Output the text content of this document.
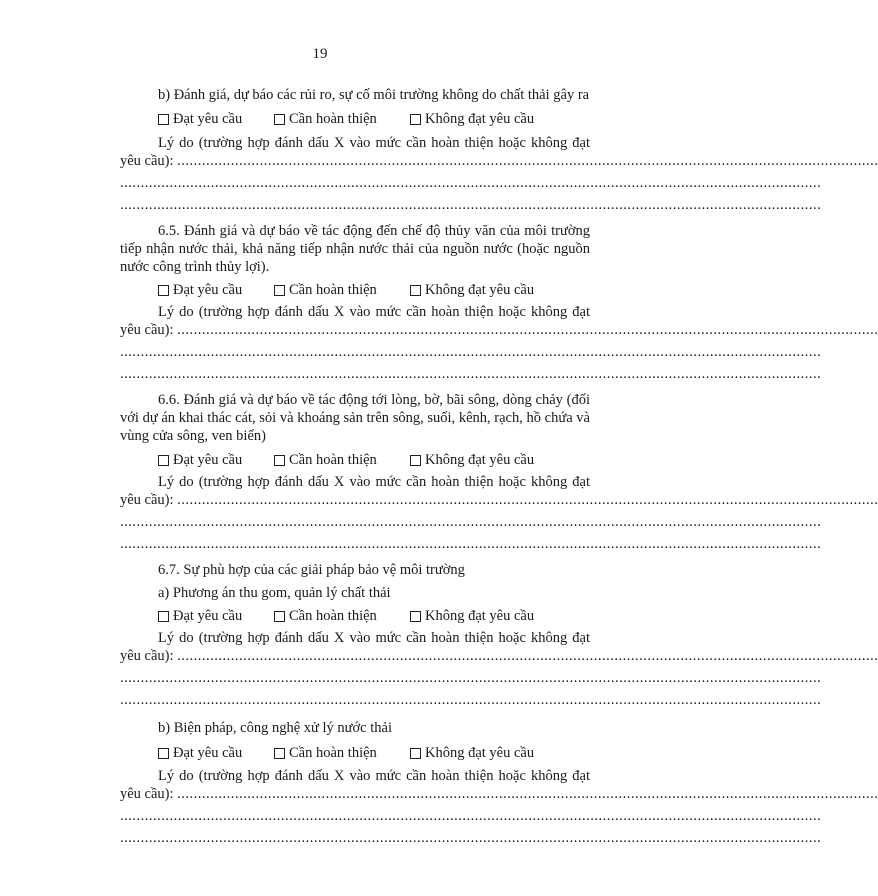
19
b) Đánh giá, dự báo các rủi ro, sự cố môi trường không do chất thải gây ra
Đạt yêu cầu	Cần hoàn thiện	Không đạt yêu cầu
Lý do (trường hợp đánh dấu X vào mức cần hoàn thiện hoặc không đạt
yêu cầu): ..........................................................................................................................................................................
..........................................................................................................................................................................
..........................................................................................................................................................................
6.5. Đánh giá và dự báo về tác động đến chế độ thủy văn của môi trường
tiếp nhận nước thải, khả năng tiếp nhận nước thải của nguồn nước (hoặc nguồn
nước công trình thủy lợi).
Đạt yêu cầu	Cần hoàn thiện	Không đạt yêu cầu
Lý do (trường hợp đánh dấu X vào mức cần hoàn thiện hoặc không đạt
yêu cầu): ..........................................................................................................................................................................
..........................................................................................................................................................................
..........................................................................................................................................................................
6.6. Đánh giá và dự báo về tác động tới lòng, bờ, bãi sông, dòng chảy (đối
với dự án khai thác cát, sỏi và khoáng sản trên sông, suối, kênh, rạch, hồ chứa và
vùng cửa sông, ven biển)
Đạt yêu cầu	Cần hoàn thiện	Không đạt yêu cầu
Lý do (trường hợp đánh dấu X vào mức cần hoàn thiện hoặc không đạt
yêu cầu): ..........................................................................................................................................................................
..........................................................................................................................................................................
..........................................................................................................................................................................
6.7. Sự phù hợp của các giải pháp bảo vệ môi trường
a) Phương án thu gom, quản lý chất thải
Đạt yêu cầu	Cần hoàn thiện	Không đạt yêu cầu
Lý do (trường hợp đánh dấu X vào mức cần hoàn thiện hoặc không đạt
yêu cầu): ..........................................................................................................................................................................
..........................................................................................................................................................................
..........................................................................................................................................................................
b) Biện pháp, công nghệ xử lý nước thải
Đạt yêu cầu	Cần hoàn thiện	Không đạt yêu cầu
Lý do (trường hợp đánh dấu X vào mức cần hoàn thiện hoặc không đạt
yêu cầu): ..........................................................................................................................................................................
..........................................................................................................................................................................
..........................................................................................................................................................................
